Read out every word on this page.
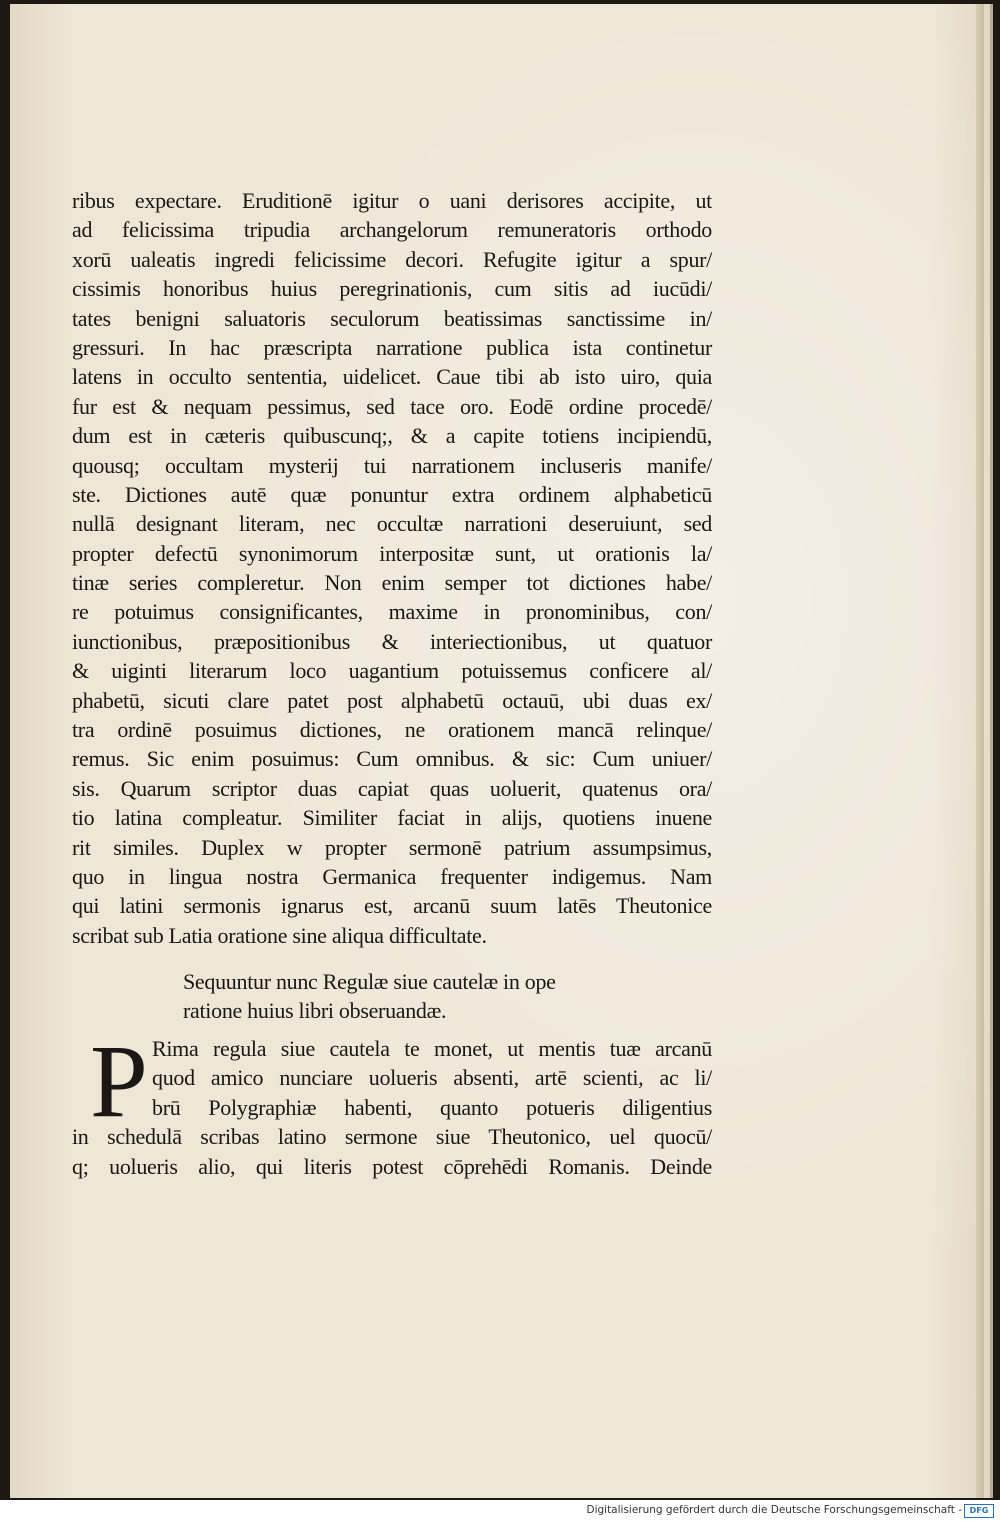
ribus expectare. Eruditionē igitur o uani derisores accipite, ut
ad felicissima tripudia archangelorum remuneratoris orthodo
xorū ualeatis ingredi felicissime decori. Refugite igitur a spur/
cissimis honoribus huius peregrinationis, cum sitis ad iucūdi/
tates benigni saluatoris seculorum beatissimas sanctissime in/
gressuri. In hac præscripta narratione publica ista continetur
latens in occulto sententia, uidelicet. Caue tibi ab isto uiro, quia
fur est & nequam pessimus, sed tace oro. Eodē ordine procedē/
dum est in cæteris quibuscunq;, & a capite totiens incipiendū,
quousq; occultam mysterij tui narrationem incluseris manife/
ste. Dictiones autē quæ ponuntur extra ordinem alphabeticū
nullā designant literam, nec occultæ narrationi deseruiunt, sed
propter defectū synonimorum interpositæ sunt, ut orationis la/
tinæ series compleretur. Non enim semper tot dictiones habe/
re potuimus consignificantes, maxime in pronominibus, con/
iunctionibus, præpositionibus & interiectionibus, ut quatuor
& uiginti literarum loco uagantium potuissemus conficere al/
phabetū, sicuti clare patet post alphabetū octauū, ubi duas ex/
tra ordinē posuimus dictiones, ne orationem mancā relinque/
remus. Sic enim posuimus: Cum omnibus. & sic: Cum uniuer/
sis. Quarum scriptor duas capiat quas uoluerit, quatenus ora/
tio latina compleatur. Similiter faciat in alijs, quotiens inuene
rit similes. Duplex w propter sermonē patrium assumpsimus,
quo in lingua nostra Germanica frequenter indigemus. Nam
qui latini sermonis ignarus est, arcanū suum latēs Theutonice
scribat sub Latia oratione sine aliqua difficultate.
Sequuntur nunc Regulæ siue cautelæ in ope
ratione huius libri obseruandæ.
P Rima regula siue cautela te monet, ut mentis tuæ arcanū
quod amico nunciare uolueris absenti, artē scienti, ac li/
brū Polygraphiæ habenti, quanto potueris diligentius
in schedulā scribas latino sermone siue Theutonico, uel quocū/
q; uolueris alio, qui literis potest cōprehēdi Romanis. Deinde
Digitalisierung gefördert durch die Deutsche Forschungsgemeinschaft - DFG
